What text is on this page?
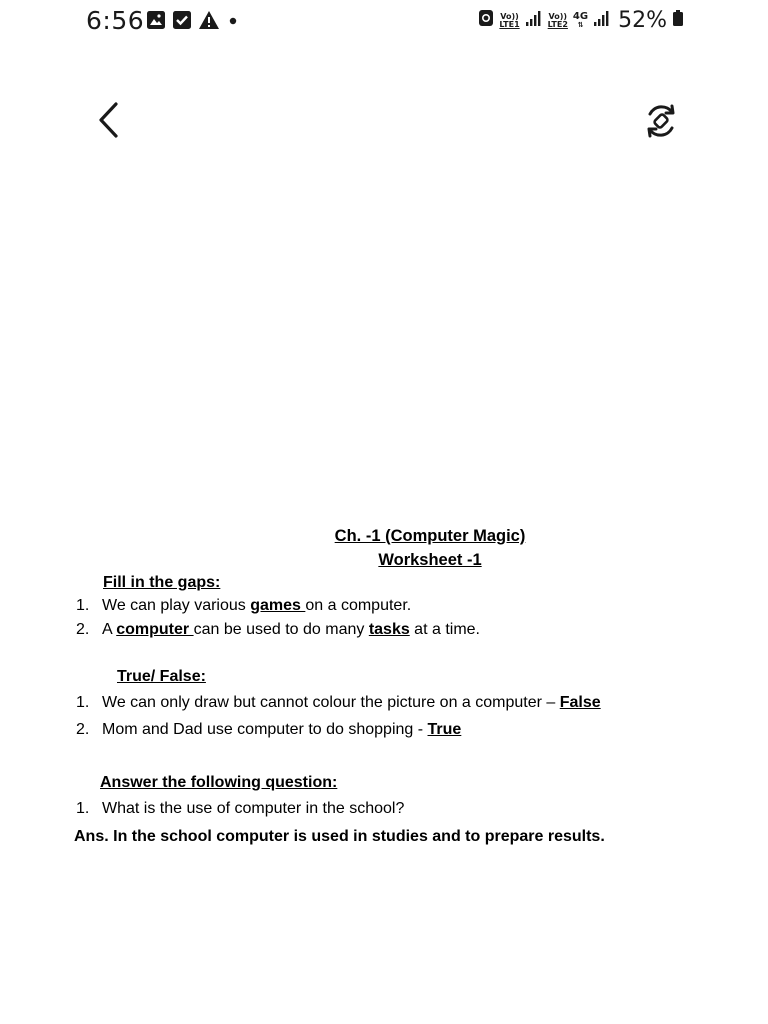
6:56	Vo))
LTE1
Vo))
LTE2
4G
⇅ 52%
Ch. -1 (Computer Magic)
Worksheet -1
Fill in the gaps:
1. We can play various games on a computer.
2. A computer can be used to do many tasks at a time.
True/ False:
1. We can only draw but cannot colour the picture on a computer – False
2. Mom and Dad use computer to do shopping - True
Answer the following question:
1. What is the use of computer in the school?
Ans. In the school computer is used in studies and to prepare results.
